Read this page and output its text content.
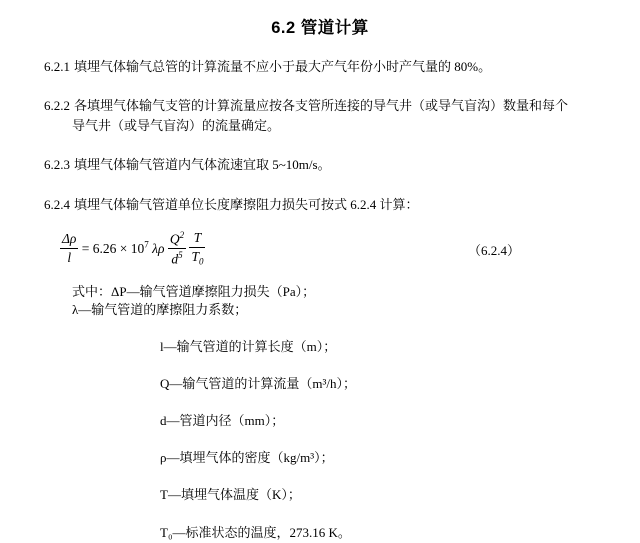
6.2 管道计算

6.2.1 填埋气体输气总管的计算流量不应小于最大产气年份小时产气量的 80%。

6.2.2 各填埋气体输气支管的计算流量应按各支管所连接的导气井（或导气盲沟）数量和每个
导气井（或导气盲沟）的流量确定。

6.2.3 填埋气体输气管道内气体流速宜取 5~10m/s。

6.2.4 填埋气体输气管道单位长度摩擦阻力损失可按式 6.2.4 计算：

$\frac{\Delta\rho}{l} = 6.26 \times 10^7$ λρ $\frac{Q^2}{d^5}$
$\frac{T}{T_0}$	（6.2.4）
式中：ΔP—输气管道摩擦阻力损失（Pa）；
λ—输气管道的摩擦阻力系数；
l—输气管道的计算长度（m）；
Q—输气管道的计算流量（m³/h）；
d—管道内径（mm）；
ρ—填埋气体的密度（kg/m³）；
T—填埋气体温度（K）；
T₀—标准状态的温度，273.16 K。
